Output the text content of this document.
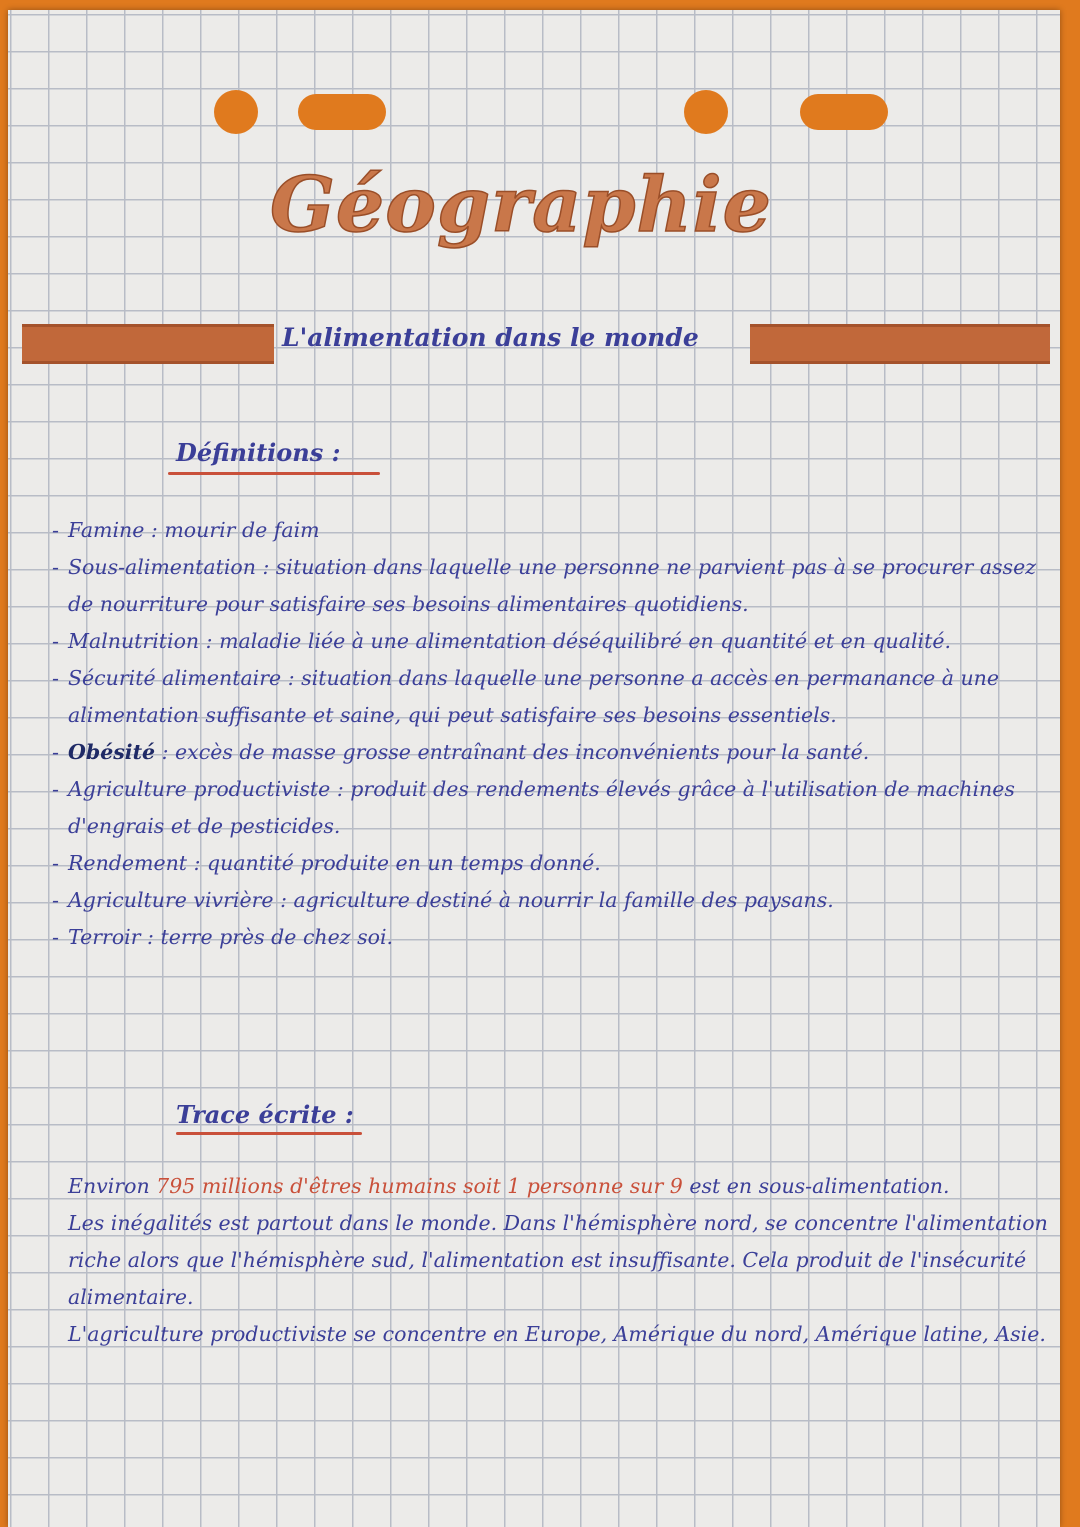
Géographie
L'alimentation dans le monde
Définitions :
- Famine : mourir de faim
- Sous-alimentation : situation dans laquelle une personne ne parvient pas à se procurer assez de nourriture pour satisfaire ses besoins alimentaires quotidiens.
- Malnutrition : maladie liée à une alimentation déséquilibré en quantité et en qualité.
- Sécurité alimentaire : situation dans laquelle une personne a accès en permanance à une alimentation suffisante et saine, qui peut satisfaire ses besoins essentiels.
- Obésité : excès de masse grosse entraînant des inconvénients pour la santé.
- Agriculture productiviste : produit des rendements élevés grâce à l'utilisation de machines d'engrais et de pesticides.
- Rendement : quantité produite en un temps donné.
- Agriculture vivrière : agriculture destiné à nourrir la famille des paysans.
- Terroir : terre près de chez soi.
Trace écrite :

Environ 795 millions d'êtres humains soit 1 personne sur 9 est en sous-alimentation.

Les inégalités est partout dans le monde. Dans l'hémisphère nord, se concentre l'alimentation riche alors que l'hémisphère sud, l'alimentation est insuffisante. Cela produit de l'insécurité alimentaire.

L'agriculture productiviste se concentre en Europe, Amérique du nord, Amérique latine, Asie.
